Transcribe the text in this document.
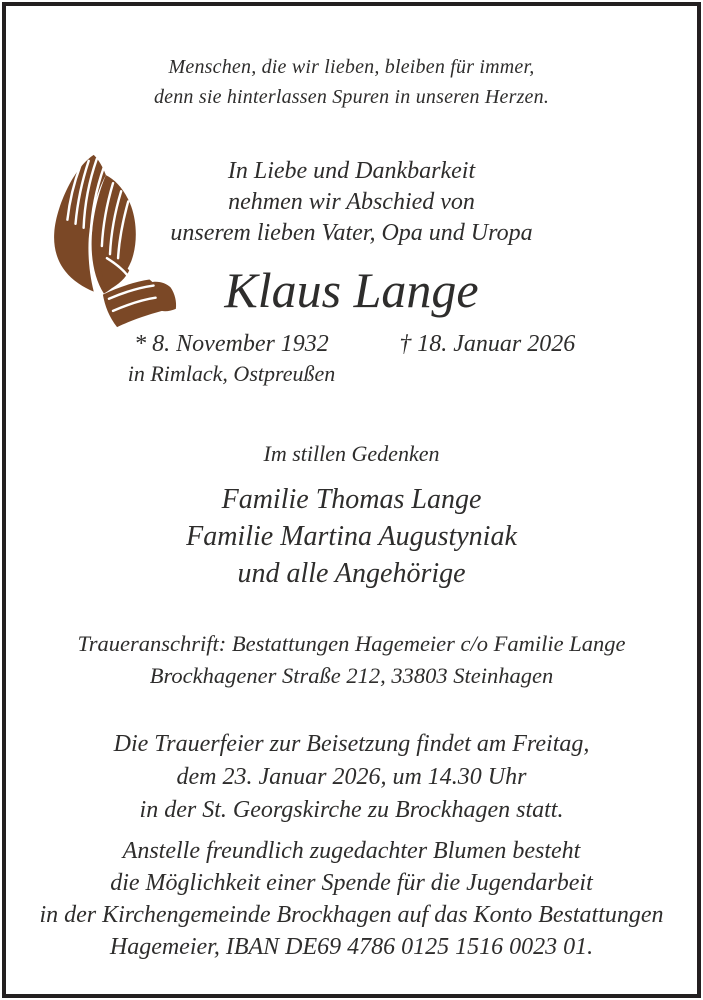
Menschen, die wir lieben, bleiben für immer,
denn sie hinterlassen Spuren in unseren Herzen.
In Liebe und Dankbarkeit
nehmen wir Abschied von
unserem lieben Vater, Opa und Uropa
Klaus Lange
* 8. November 1932
in Rimlack, Ostpreußen
† 18. Januar 2026
Im stillen Gedenken
Familie Thomas Lange
Familie Martina Augustyniak
und alle Angehörige
Traueranschrift: Bestattungen Hagemeier c/o Familie Lange
Brockhagener Straße 212, 33803 Steinhagen
Die Trauerfeier zur Beisetzung findet am Freitag,
dem 23. Januar 2026, um 14.30 Uhr
in der St. Georgskirche zu Brockhagen statt.
Anstelle freundlich zugedachter Blumen besteht
die Möglichkeit einer Spende für die Jugendarbeit
in der Kirchengemeinde Brockhagen auf das Konto Bestattungen
Hagemeier, IBAN DE69 4786 0125 1516 0023 01.
